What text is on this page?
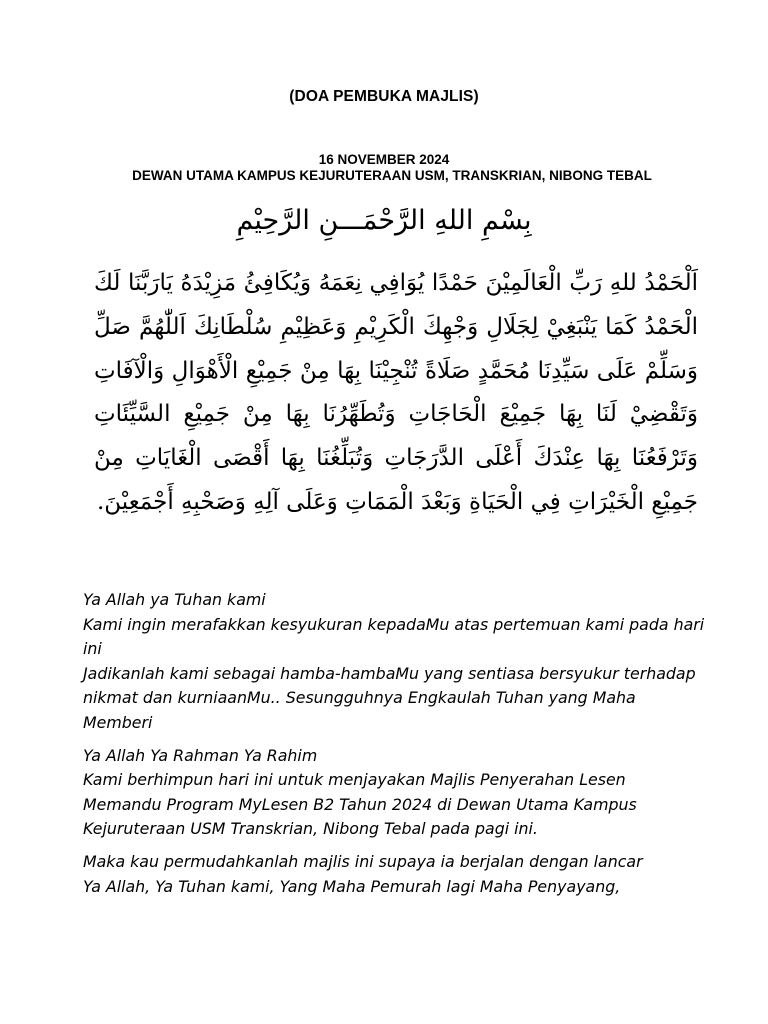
(DOA PEMBUKA MAJLIS)
16 NOVEMBER 2024
DEWAN UTAMA KAMPUS KEJURUTERAAN USM, TRANSKRIAN, NIBONG TEBAL
بِسْمِ اللهِ الرَّحْمَـــنِ الرَّحِيْمِ
اَلْحَمْدُ للهِ رَبِّ الْعَالَمِيْنَ حَمْدًا يُوَافِي نِعَمَهُ وَيُكَافِئُ مَزِيْدَهُ يَارَبَّنَا لَكَ الْحَمْدُ كَمَا يَنْبَغِيْ لِجَلَالِ وَجْهِكَ الْكَرِيْمِ وَعَظِيْمِ سُلْطَانِكَ اَللّٰهُمَّ صَلِّ وَسَلِّمْ عَلَى سَيِّدِنَا مُحَمَّدٍ صَلَاةً تُنْجِيْنَا بِهَا مِنْ جَمِيْعِ الْأَهْوَالِ وَالْآفَاتِ وَتَقْضِيْ لَنَا بِهَا جَمِيْعَ الْحَاجَاتِ وَتُطَهِّرُنَا بِهَا مِنْ جَمِيْعِ السَّيِّئَاتِ وَتَرْفَعُنَا بِهَا عِنْدَكَ أَعْلَى الدَّرَجَاتِ وَتُبَلِّغُنَا بِهَا أَقْصَى الْغَايَاتِ مِنْ جَمِيْعِ الْخَيْرَاتِ فِي الْحَيَاةِ وَبَعْدَ الْمَمَاتِ وَعَلَى آلِهِ وَصَحْبِهِ أَجْمَعِيْنَ.

Ya Allah ya Tuhan kami
Kami ingin merafakkan kesyukuran kepadaMu atas pertemuan kami pada hari ini
Jadikanlah kami sebagai hamba-hambaMu yang sentiasa bersyukur terhadap nikmat dan kurniaanMu.. Sesungguhnya Engkaulah Tuhan yang Maha Memberi

Ya Allah Ya Rahman Ya Rahim
Kami berhimpun hari ini untuk menjayakan Majlis Penyerahan Lesen Memandu Program MyLesen B2 Tahun 2024 di Dewan Utama Kampus Kejuruteraan USM Transkrian, Nibong Tebal pada pagi ini.

Maka kau permudahkanlah majlis ini supaya ia berjalan dengan lancar
Ya Allah, Ya Tuhan kami, Yang Maha Pemurah lagi Maha Penyayang,
